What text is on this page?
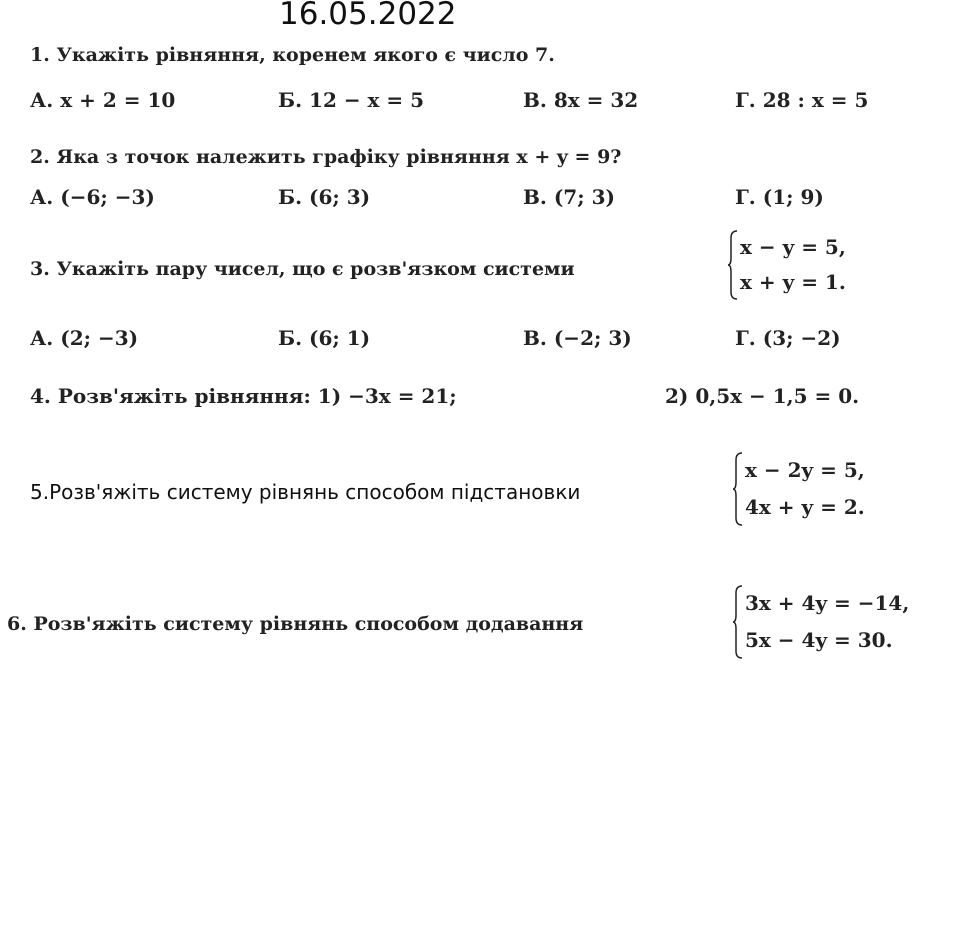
16.05.2022
1. Укажіть рівняння, коренем якого є число 7.
А. x + 2 = 10	Б. 12 − x = 5	В. 8x = 32	Г. 28 : x = 5
2. Яка з точок належить графіку рівняння x + y = 9?
А. (−6; −3)	Б. (6; 3)	В. (7; 3)	Г. (1; 9)
3. Укажіть пару чисел, що є розв'язком системи
x − y = 5,
x + y = 1.
А. (2; −3)	Б. (6; 1)	В. (−2; 3)	Г. (3; −2)
4. Розв'яжіть рівняння: 1) −3x = 21;	2) 0,5x − 1,5 = 0.
5.Розв'яжіть систему рівнянь способом підстановки
x − 2y = 5,
4x + y = 2.
6. Розв'яжіть систему рівнянь способом додавання
3x + 4y = −14,
5x − 4y = 30.
